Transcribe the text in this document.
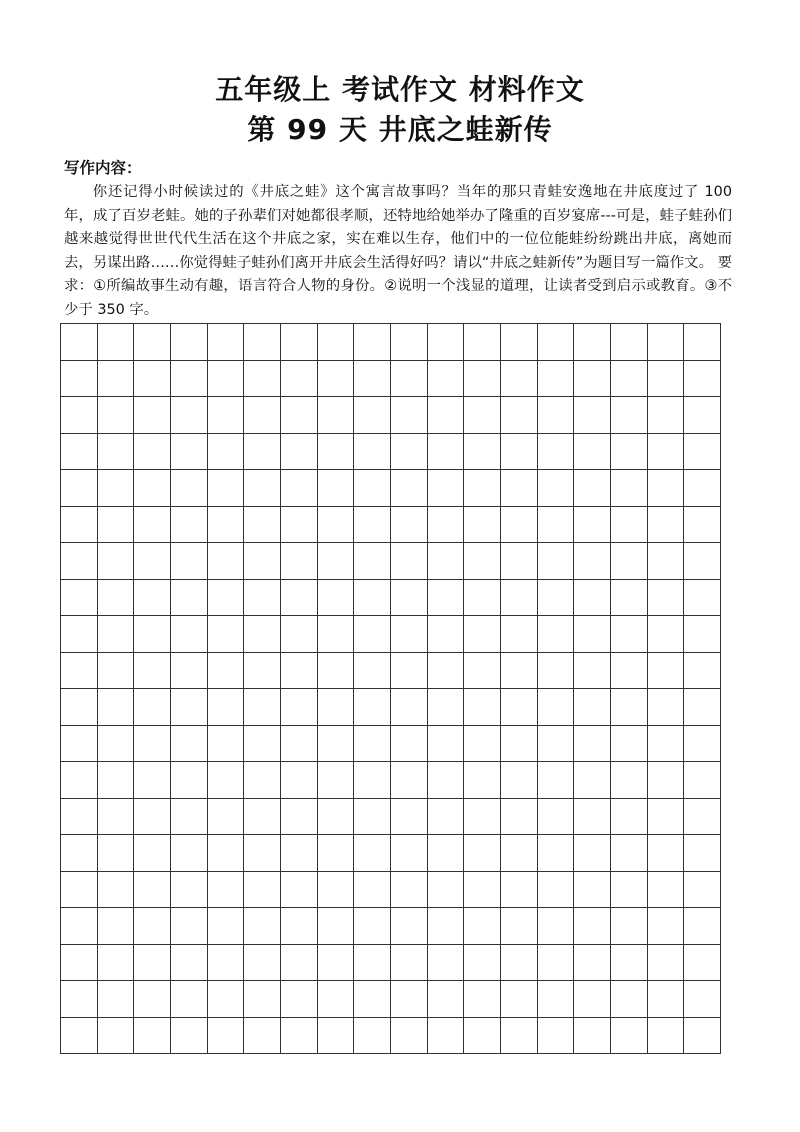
五年级上 考试作文 材料作文
第 99 天 井底之蛙新传

写作内容：

你还记得小时候读过的《井底之蛙》这个寓言故事吗？当年的那只青蛙安逸地在井底度过了 100 年，成了百岁老蛙。她的子孙辈们对她都很孝顺，还特地给她举办了隆重的百岁宴席---可是，蛙子蛙孙们越来越觉得世世代代生活在这个井底之家，实在难以生存，他们中的一位位能蛙纷纷跳出井底，离她而去，另谋出路……你觉得蛙子蛙孙们离开井底会生活得好吗？请以“井底之蛙新传”为题目写一篇作文。 要求：①所编故事生动有趣，语言符合人物的身份。②说明一个浅显的道理，让读者受到启示或教育。③不少于 350 字。
